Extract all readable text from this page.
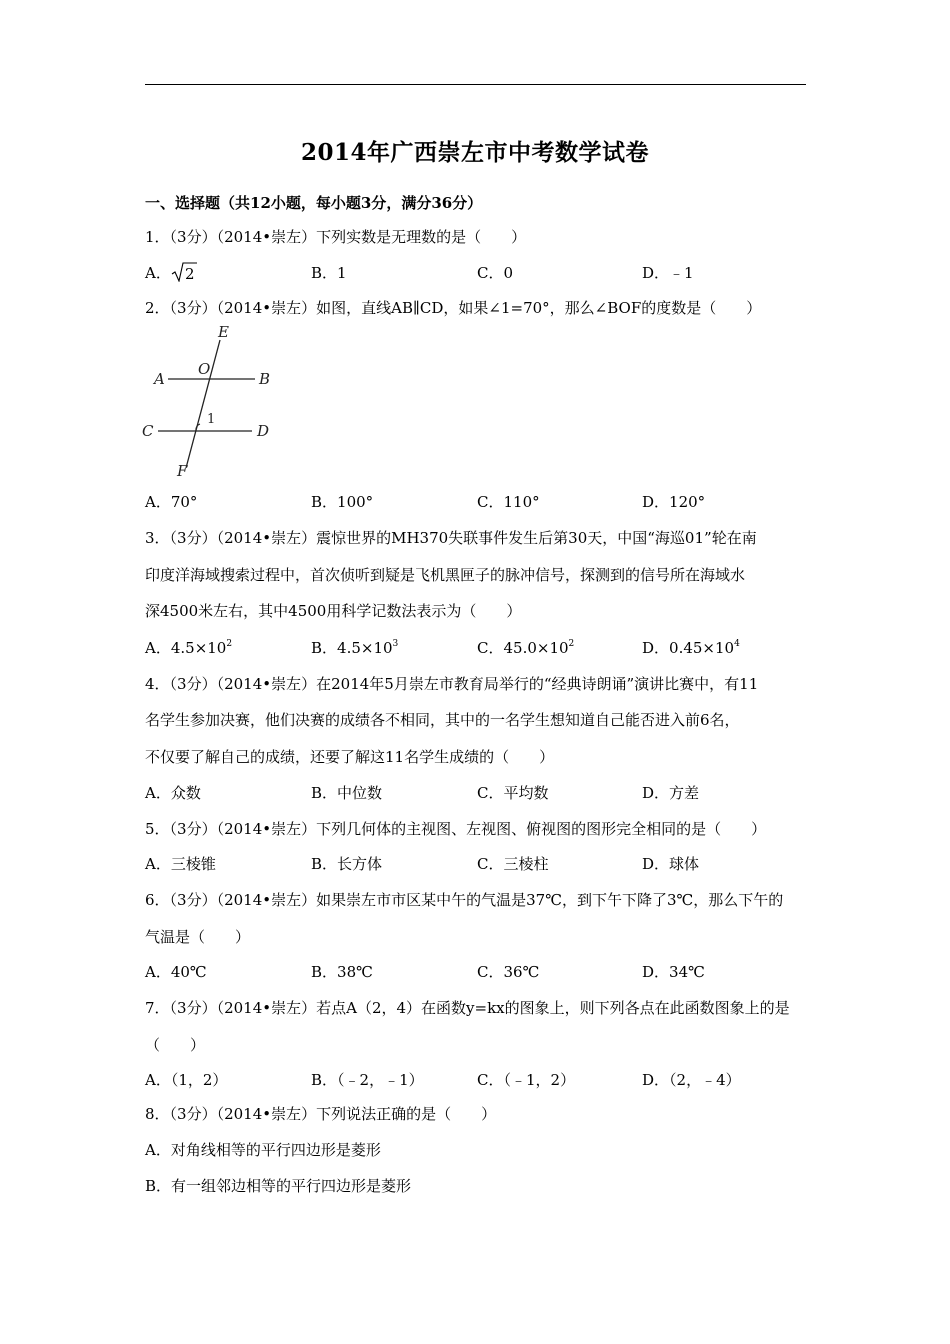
2014年广西崇左市中考数学试卷
一、选择题（共12小题，每小题3分，满分36分）
1．（3分）（2014•崇左）下列实数是无理数的是（　　）
A． 2	B．1	C．0	D．﹣1
2．（3分）（2014•崇左）如图，直线AB∥CD，如果∠1=70°，那么∠BOF的度数是（　　）
E
O
A	B
C	D
F
1
A．70°	B．100°	C．110°	D．120°
3．（3分）（2014•崇左）震惊世界的MH370失联事件发生后第30天，中国“海巡01”轮在南
印度洋海域搜索过程中，首次侦听到疑是飞机黑匣子的脉冲信号，探测到的信号所在海域水
深4500米左右，其中4500用科学记数法表示为（　　）
A．$4.5\times 10^2$	B．$4.5\times 10^3$	C．$45.0\times 10^2$	D．$0.45\times 10^4$
4．（3分）（2014•崇左）在2014年5月崇左市教育局举行的“经典诗朗诵”演讲比赛中，有11
名学生参加决赛，他们决赛的成绩各不相同，其中的一名学生想知道自己能否进入前6名，
不仅要了解自己的成绩，还要了解这11名学生成绩的（　　）
A．众数	B．中位数	C．平均数	D．方差
5．（3分）（2014•崇左）下列几何体的主视图、左视图、俯视图的图形完全相同的是（　　）
A．三棱锥	B．长方体	C．三棱柱	D．球体
6．（3分）（2014•崇左）如果崇左市市区某中午的气温是37℃，到下午下降了3℃，那么下午的
气温是（　　）
A．40℃	B．38℃	C．36℃	D．34℃
7．（3分）（2014•崇左）若点A（2，4）在函数y=kx的图象上，则下列各点在此函数图象上的是
（　　）
A．（1，2）	B．（﹣2，﹣1）	C．（﹣1，2）	D．（2，﹣4）
8．（3分）（2014•崇左）下列说法正确的是（　　）
A．对角线相等的平行四边形是菱形
B．有一组邻边相等的平行四边形是菱形
